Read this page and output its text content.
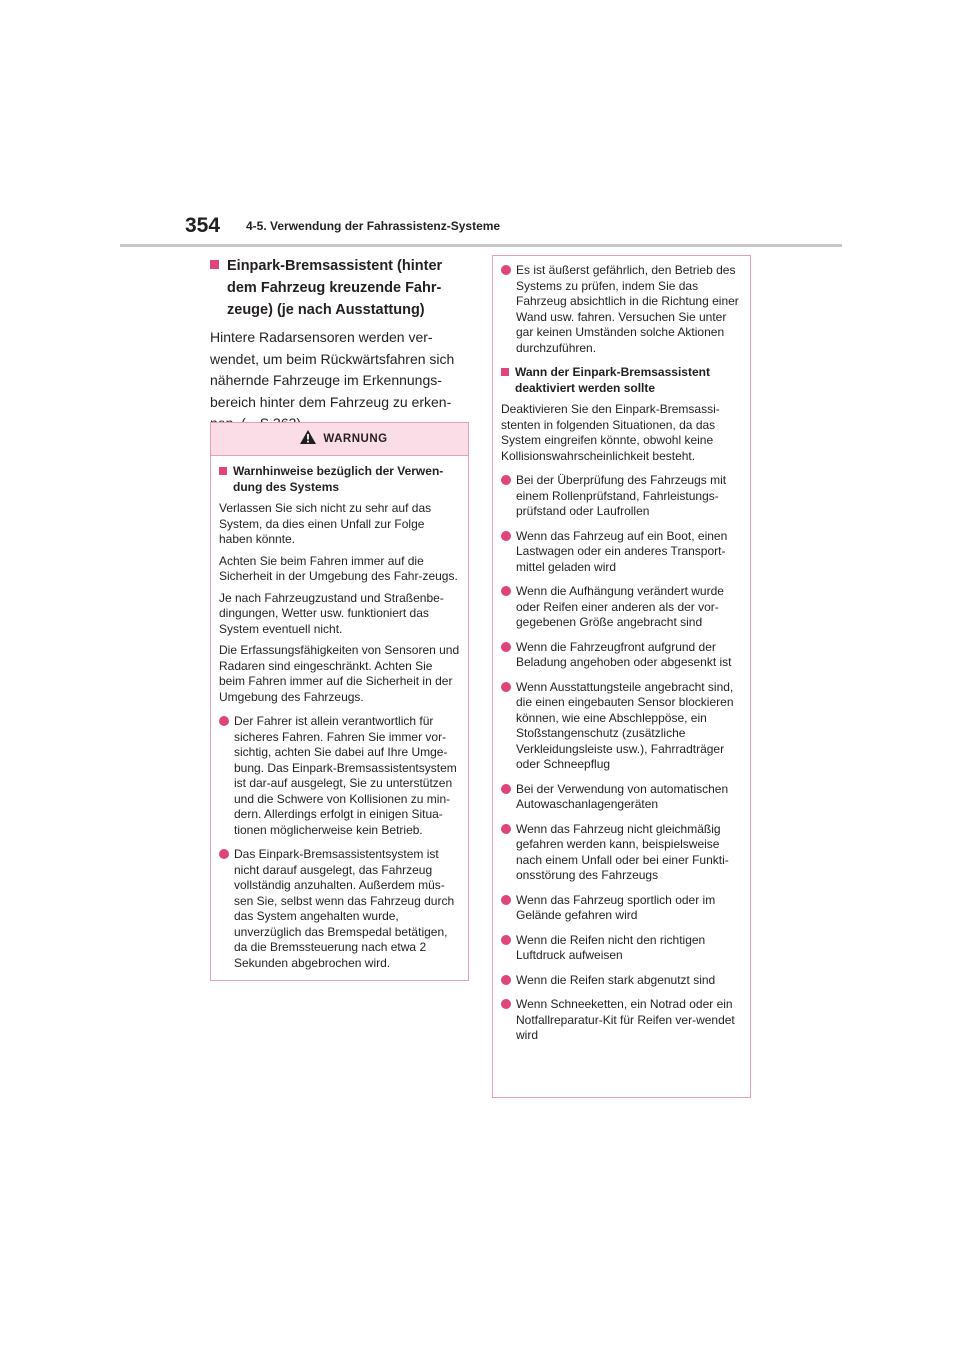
354 4-5. Verwendung der Fahrassistenz-Systeme
Einpark-Bremsassistent (hinter dem Fahrzeug kreuzende Fahr-zeuge) (je nach Ausstattung)
Hintere Radarsensoren werden ver-wendet, um beim Rückwärtsfahren sich nähernde Fahrzeuge im Erkennungs-bereich hinter dem Fahrzeug zu erken-
WARNUNG
Warnhinweise bezüglich der Verwen-dung des Systems

Verlassen Sie sich nicht zu sehr auf das System, da dies einen Unfall zur Folge haben könnte.

Achten Sie beim Fahren immer auf die Sicherheit in der Umgebung des Fahr-zeugs.

Je nach Fahrzeugzustand und Straßenbe-dingungen, Wetter usw. funktioniert das System eventuell nicht.

Die Erfassungsfähigkeiten von Sensoren und Radaren sind eingeschränkt. Achten Sie beim Fahren immer auf die Sicherheit in der Umgebung des Fahrzeugs.

Der Fahrer ist allein verantwortlich für sicheres Fahren. Fahren Sie immer vor-sichtig, achten Sie dabei auf Ihre Umge-bung. Das Einpark-Bremsassistentsystem ist dar-auf ausgelegt, Sie zu unterstützen und die Schwere von Kollisionen zu min-dern. Allerdings erfolgt in einigen Situa-tionen möglicherweise kein Betrieb.
Das Einpark-Bremsassistentsystem ist nicht darauf ausgelegt, das Fahrzeug vollständig anzuhalten. Außerdem müs-sen Sie, selbst wenn das Fahrzeug durch das System angehalten wurde, unverzüglich das Bremspedal betätigen, da die Bremssteuerung nach etwa 2 Sekunden abgebrochen wird.
Es ist äußerst gefährlich, den Betrieb des Systems zu prüfen, indem Sie das Fahrzeug absichtlich in die Richtung einer Wand usw. fahren. Versuchen Sie unter gar keinen Umständen solche Aktionen durchzuführen.
Wann der Einpark-Bremsassistent deaktiviert werden sollte

Deaktivieren Sie den Einpark-Bremsassi-stenten in folgenden Situationen, da das System eingreifen könnte, obwohl keine Kollisionswahrscheinlichkeit besteht.

Bei der Überprüfung des Fahrzeugs mit einem Rollenprüfstand, Fahrleistungs-prüfstand oder Laufrollen
Wenn das Fahrzeug auf ein Boot, einen Lastwagen oder ein anderes Transport-mittel geladen wird
Wenn die Aufhängung verändert wurde oder Reifen einer anderen als der vor-gegebenen Größe angebracht sind
Wenn die Fahrzeugfront aufgrund der Beladung angehoben oder abgesenkt ist
Wenn Ausstattungsteile angebracht sind, die einen eingebauten Sensor blockieren können, wie eine Abschleppöse, ein Stoßstangenschutz (zusätzliche Verkleidungsleiste usw.), Fahrradträger oder Schneepflug
Bei der Verwendung von automatischen Autowaschanlagengeräten
Wenn das Fahrzeug nicht gleichmäßig gefahren werden kann, beispielsweise nach einem Unfall oder bei einer Funkti-onsstörung des Fahrzeugs
Wenn das Fahrzeug sportlich oder im Gelände gefahren wird
Wenn die Reifen nicht den richtigen Luftdruck aufweisen
Wenn die Reifen stark abgenutzt sind
Wenn Schneeketten, ein Notrad oder ein Notfallreparatur-Kit für Reifen ver-wendet wird
